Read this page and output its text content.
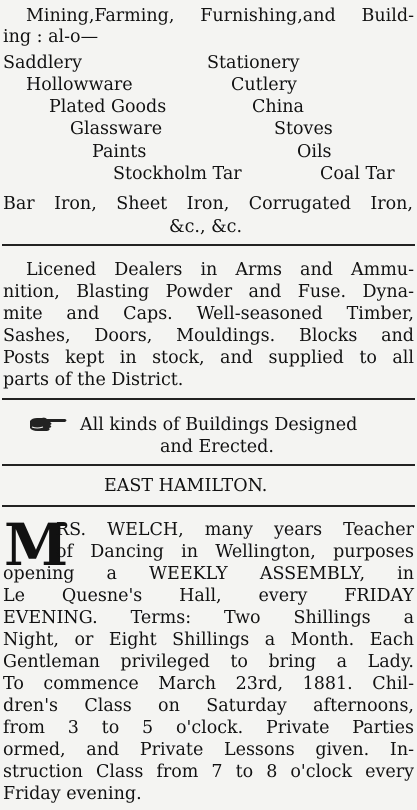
Mining,Farming, Furnishing,and Build-
ing : al-o—
Saddlery	Stationery
Hollowware	Cutlery
Plated Goods	China
Glassware	Stoves
Paints	Oils
Stockholm Tar	Coal Tar
Bar Iron, Sheet Iron, Corrugated Iron,
&c., &c.
Licened Dealers in Arms and Ammu-
nition, Blasting Powder and Fuse. Dyna-
mite and Caps. Well-seasoned Timber,
Sashes, Doors, Mouldings. Blocks and
Posts kept in stock, and supplied to all
parts of the District.
All kinds of Buildings Designed
and Erected.
EAST HAMILTON.
M
RS. WELCH, many years Teacher
of Dancing in Wellington, purposes
opening a WEEKLY ASSEMBLY, in
Le Quesne's Hall, every FRIDAY
EVENING. Terms: Two Shillings a
Night, or Eight Shillings a Month. Each
Gentleman privileged to bring a Lady.
To commence March 23rd, 1881. Chil-
dren's Class on Saturday afternoons,
from 3 to 5 o'clock. Private Parties
ormed, and Private Lessons given. In-
struction Class from 7 to 8 o'clock every
Friday evening.
